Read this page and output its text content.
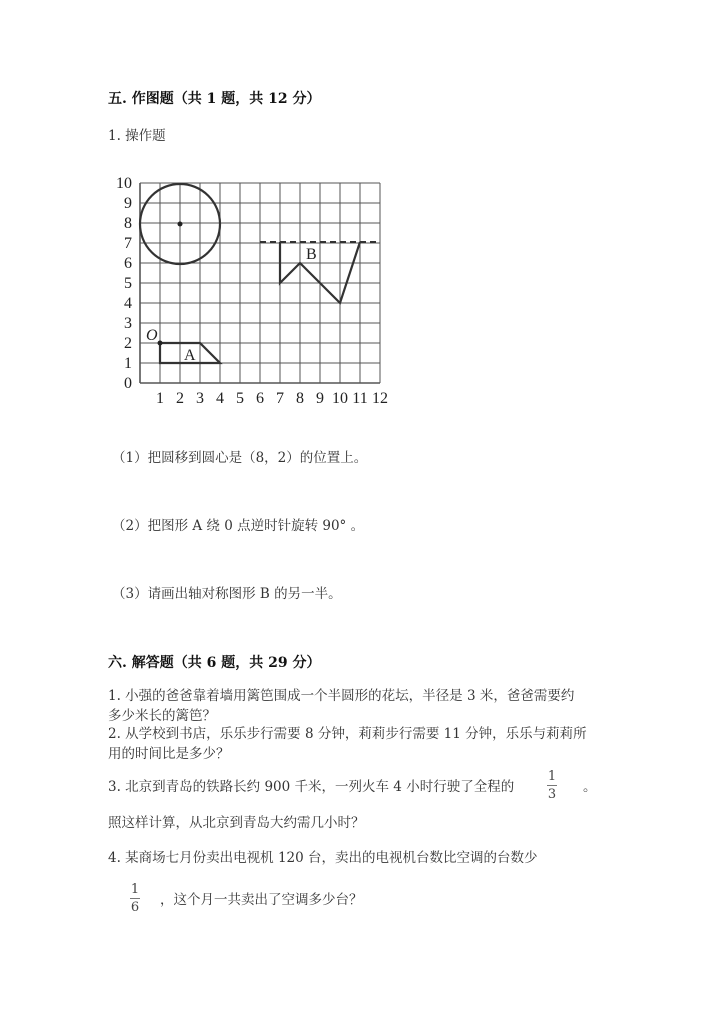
五. 作图题（共 1 题，共 12 分）
1. 操作题
1 2 3 4 5 6 7 8 9 10 11 12
0
1
2
3
4
5
6
7
8
9
10
O
A
B
（1）把圆移到圆心是（8，2）的位置上。
（2）把图形 A 绕 0 点逆时针旋转 90° 。
（3）请画出轴对称图形 B 的另一半。
六. 解答题（共 6 题，共 29 分）
1. 小强的爸爸靠着墙用篱笆围成一个半圆形的花坛，半径是 3 米，爸爸需要约
多少米长的篱笆？
2. 从学校到书店，乐乐步行需要 8 分钟，莉莉步行需要 11 分钟，乐乐与莉莉所
用的时间比是多少？
3. 北京到青岛的铁路长约 900 千米，一列火车 4 小时行驶了全程的
1
3 。
照这样计算，从北京到青岛大约需几小时？
4. 某商场七月份卖出电视机 120 台，卖出的电视机台数比空调的台数少
1
6 ，这个月一共卖出了空调多少台？
